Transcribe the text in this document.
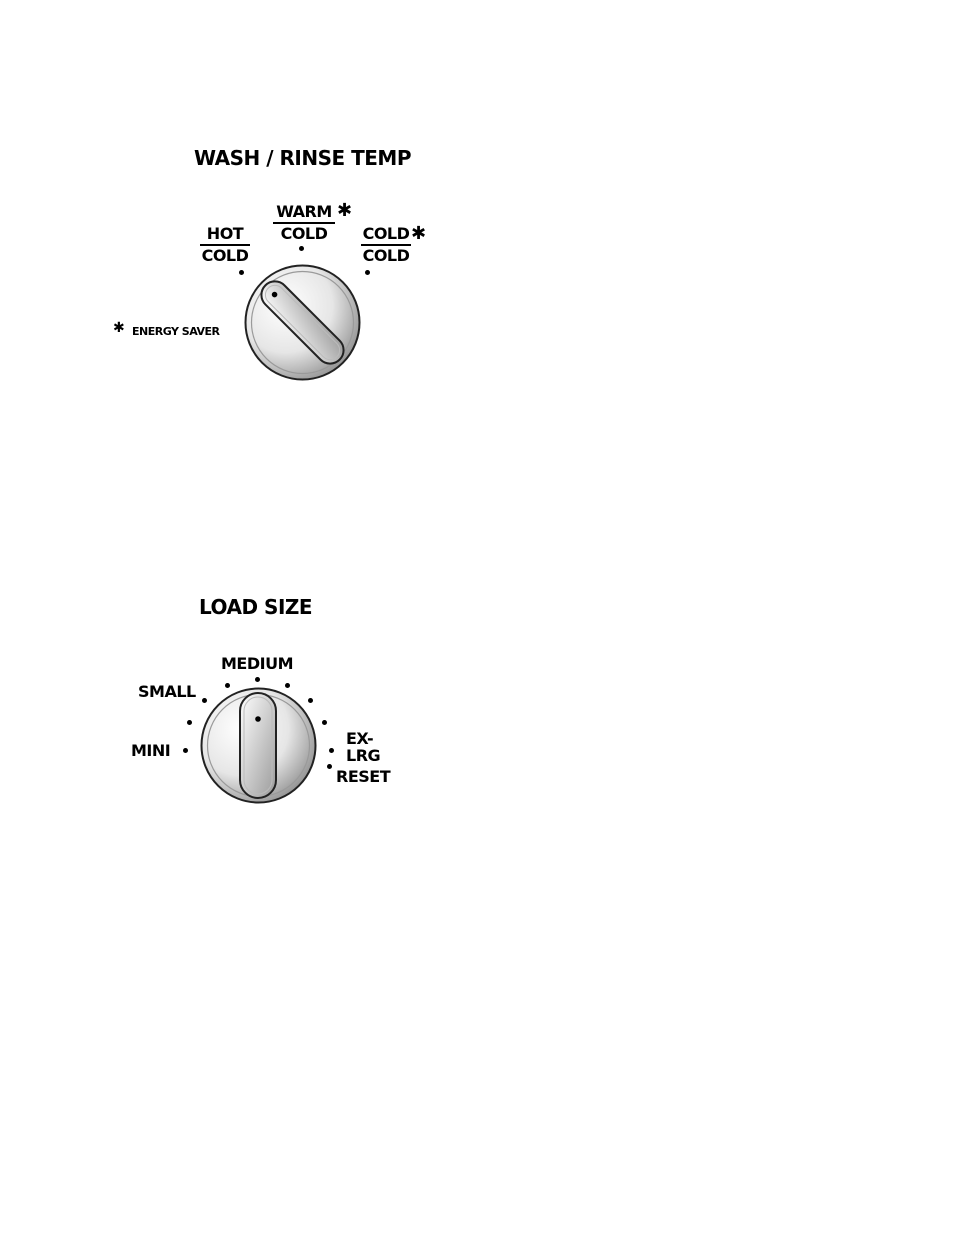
WASH / RINSE TEMP
HOT
COLD
WARM
COLD
✱
COLD
COLD
✱
✱ ENERGY SAVER
LOAD SIZE
MEDIUM
SMALL
MINI
EX-
LRG
RESET
